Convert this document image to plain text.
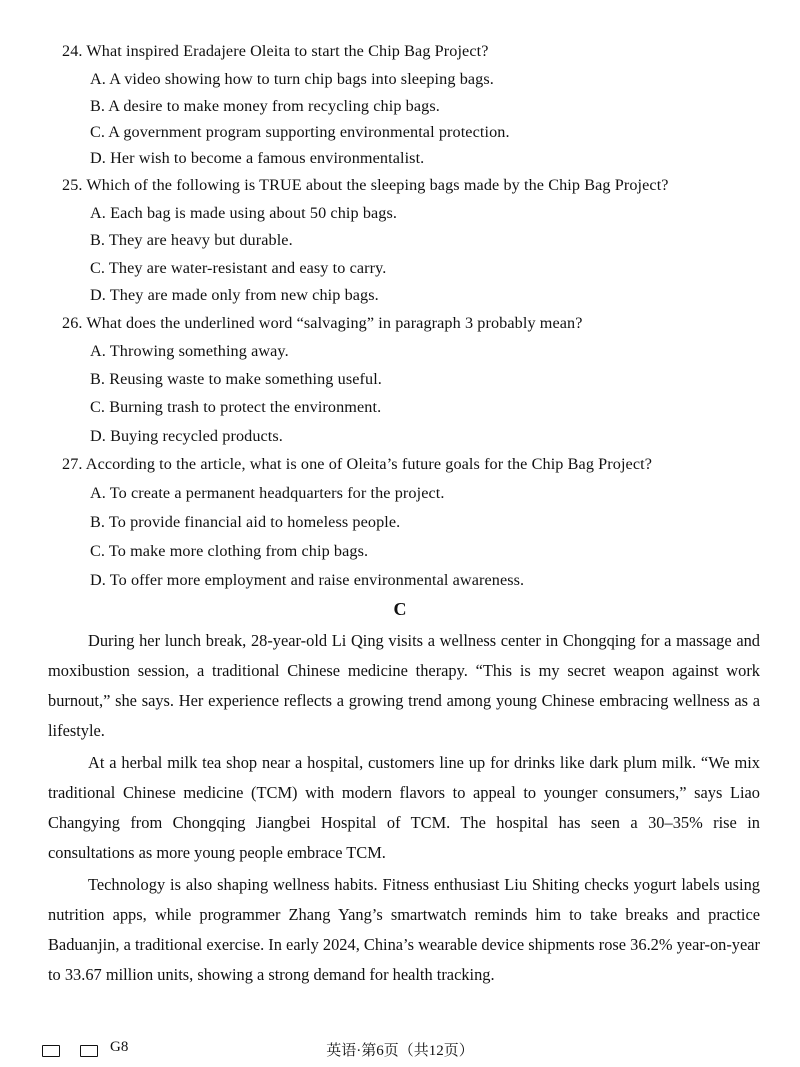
24. What inspired Eradajere Oleita to start the Chip Bag Project?
A. A video showing how to turn chip bags into sleeping bags.
B. A desire to make money from recycling chip bags.
C. A government program supporting environmental protection.
D. Her wish to become a famous environmentalist.
25. Which of the following is TRUE about the sleeping bags made by the Chip Bag Project?
A. Each bag is made using about 50 chip bags.
B. They are heavy but durable.
C. They are water-resistant and easy to carry.
D. They are made only from new chip bags.
26. What does the underlined word “salvaging” in paragraph 3 probably mean?
A. Throwing something away.
B. Reusing waste to make something useful.
C. Burning trash to protect the environment.
D. Buying recycled products.
27. According to the article, what is one of Oleita’s future goals for the Chip Bag Project?
A. To create a permanent headquarters for the project.
B. To provide financial aid to homeless people.
C. To make more clothing from chip bags.
D. To offer more employment and raise environmental awareness.
C

During her lunch break, 28-year-old Li Qing visits a wellness center in Chongqing for a massage and moxibustion session, a traditional Chinese medicine therapy. “This is my secret weapon against work burnout,” she says. Her experience reflects a growing trend among young Chinese embracing wellness as a lifestyle.

At a herbal milk tea shop near a hospital, customers line up for drinks like dark plum milk. “We mix traditional Chinese medicine (TCM) with modern flavors to appeal to younger consumers,” says Liao Changying from Chongqing Jiangbei Hospital of TCM. The hospital has seen a 30–35% rise in consultations as more young people embrace TCM.

Technology is also shaping wellness habits. Fitness enthusiast Liu Shiting checks yogurt labels using nutrition apps, while programmer Zhang Yang’s smartwatch reminds him to take breaks and practice Baduanjin, a traditional exercise. In early 2024, China’s wearable device shipments rose 36.2% year-on-year to 33.67 million units, showing a strong demand for health tracking.

G8	英语·第6页（共12页）
